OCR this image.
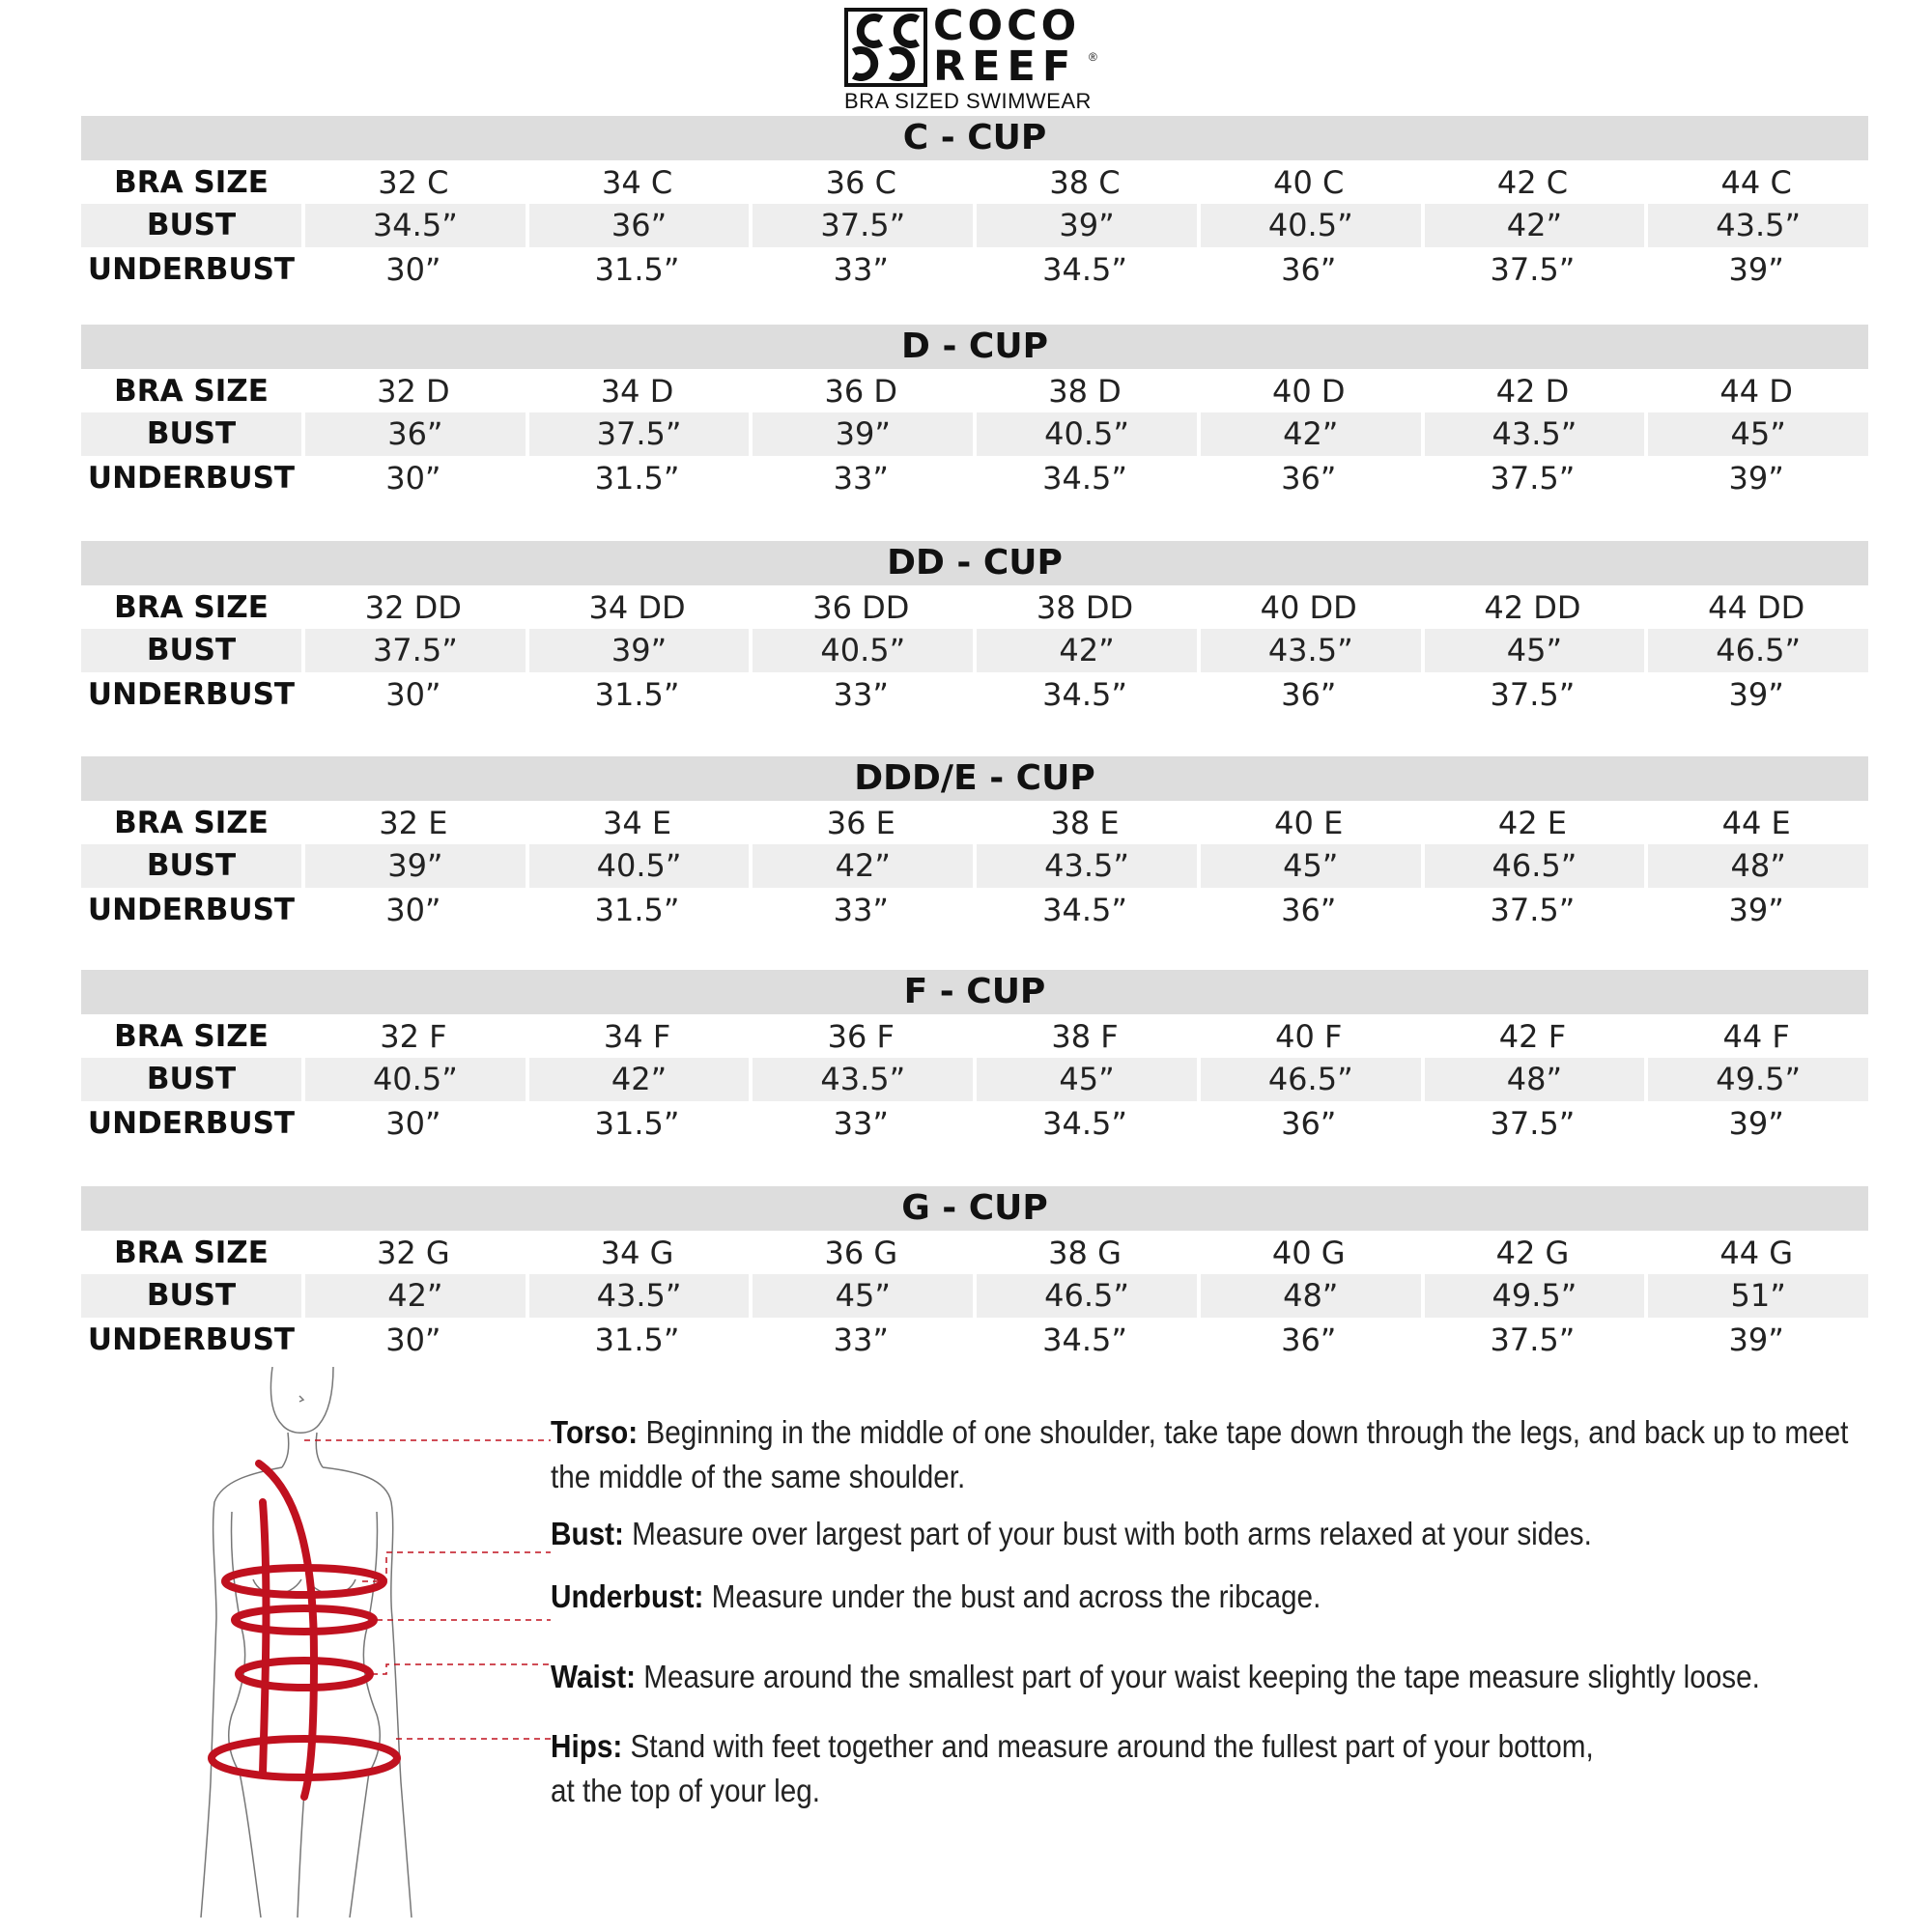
COCO
REEF ®
BRA SIZED SWIMWEAR
C - CUP
BRA SIZE	32 C	34 C	36 C	38 C	40 C	42 C	44 C
BUST	34.5”	36”	37.5”	39”	40.5”	42”	43.5”
UNDERBUST	30”	31.5”	33”	34.5”	36”	37.5”	39”
D - CUP
BRA SIZE	32 D	34 D	36 D	38 D	40 D	42 D	44 D
BUST	36”	37.5”	39”	40.5”	42”	43.5”	45”
UNDERBUST	30”	31.5”	33”	34.5”	36”	37.5”	39”
DD - CUP
BRA SIZE	32 DD	34 DD	36 DD	38 DD	40 DD	42 DD	44 DD
BUST	37.5”	39”	40.5”	42”	43.5”	45”	46.5”
UNDERBUST	30”	31.5”	33”	34.5”	36”	37.5”	39”
DDD/E - CUP
BRA SIZE	32 E	34 E	36 E	38 E	40 E	42 E	44 E
BUST	39”	40.5”	42”	43.5”	45”	46.5”	48”
UNDERBUST	30”	31.5”	33”	34.5”	36”	37.5”	39”
F - CUP
BRA SIZE	32 F	34 F	36 F	38 F	40 F	42 F	44 F
BUST	40.5”	42”	43.5”	45”	46.5”	48”	49.5”
UNDERBUST	30”	31.5”	33”	34.5”	36”	37.5”	39”
G - CUP
BRA SIZE	32 G	34 G	36 G	38 G	40 G	42 G	44 G
BUST	42”	43.5”	45”	46.5”	48”	49.5”	51”
UNDERBUST	30”	31.5”	33”	34.5”	36”	37.5”	39”
Torso: Beginning in the middle of one shoulder, take tape down through the legs, and back up to meet
the middle of the same shoulder.
Bust: Measure over largest part of your bust with both arms relaxed at your sides.
Underbust: Measure under the bust and across the ribcage.
Waist: Measure around the smallest part of your waist keeping the tape measure slightly loose.
Hips: Stand with feet together and measure around the fullest part of your bottom,
at the top of your leg.
